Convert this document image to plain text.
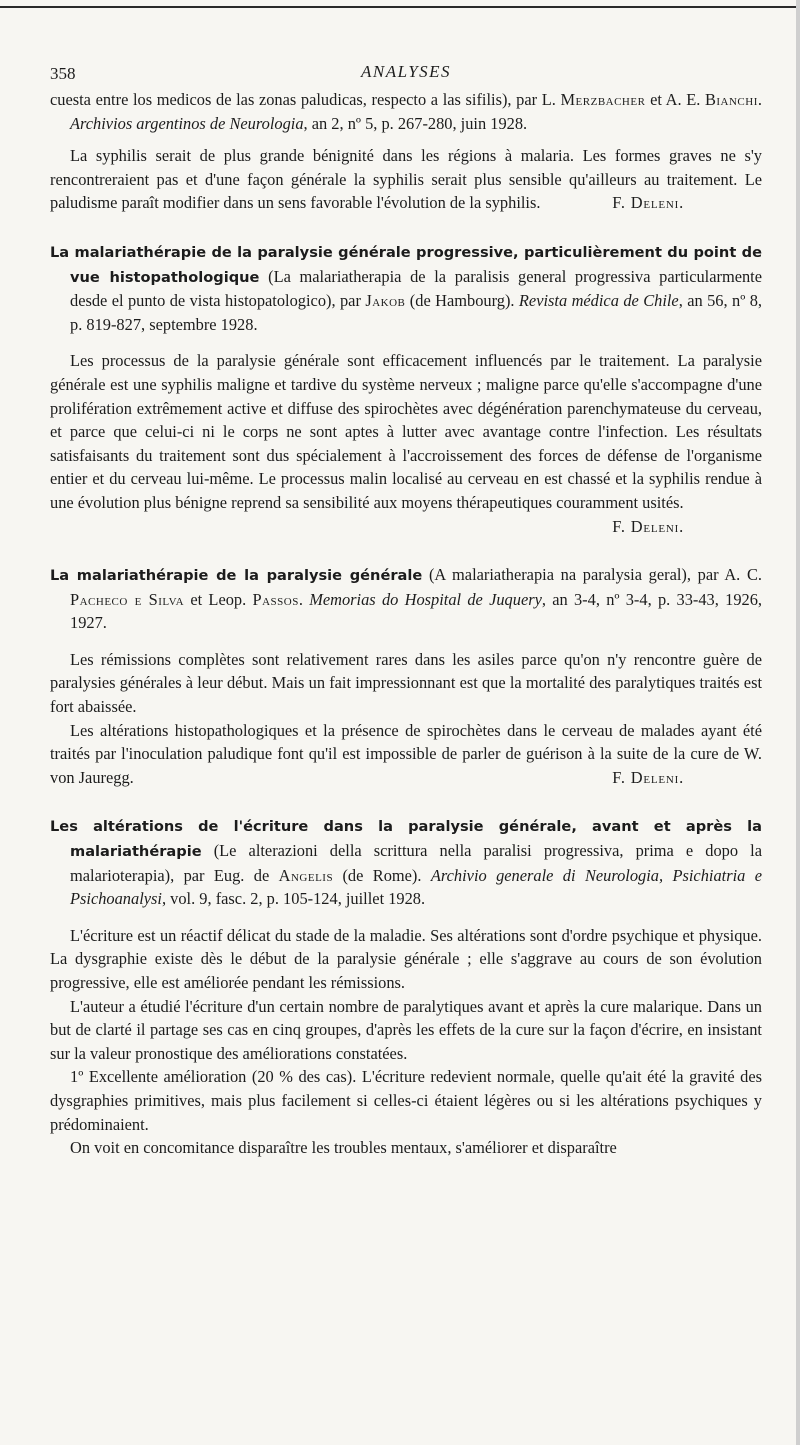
358	ANALYSES

cuesta entre los medicos de las zonas paludicas, respecto a las sifilis), par L. Merzbacher et A. E. Bianchi. Archivios argentinos de Neurologia, an 2, nº 5, p. 267-280, juin 1928.

La syphilis serait de plus grande bénignité dans les régions à malaria. Les formes graves ne s'y rencontreraient pas et d'une façon générale la syphilis serait plus sensible qu'ailleurs au traitement. Le paludisme paraît modifier dans un sens favorable l'évolution de la syphilis.	F. Deleni.

La malariathérapie de la paralysie générale progressive, particulièrement du point de vue histopathologique (La malariatherapia de la paralisis general progressiva particularmente desde el punto de vista histopatologico), par Jakob (de Hambourg). Revista médica de Chile, an 56, nº 8, p. 819-827, septembre 1928.

Les processus de la paralysie générale sont efficacement influencés par le traitement. La paralysie générale est une syphilis maligne et tardive du système nerveux ; maligne parce qu'elle s'accompagne d'une prolifération extrêmement active et diffuse des spirochètes avec dégénération parenchymateuse du cerveau, et parce que celui-ci ni le corps ne sont aptes à lutter avec avantage contre l'infection. Les résultats satisfaisants du traitement sont dus spécialement à l'accroissement des forces de défense de l'organisme entier et du cerveau lui-même. Le processus malin localisé au cerveau en est chassé et la syphilis rendue à une évolution plus bénigne reprend sa sensibilité aux moyens thérapeutiques couramment usités.
F. Deleni.

La malariathérapie de la paralysie générale (A malariatherapia na paralysia geral), par A. C. Pacheco e Silva et Leop. Passos. Memorias do Hospital de Juquery, an 3-4, nº 3-4, p. 33-43, 1926, 1927.

Les rémissions complètes sont relativement rares dans les asiles parce qu'on n'y rencontre guère de paralysies générales à leur début. Mais un fait impressionnant est que la mortalité des paralytiques traités est fort abaissée.

Les altérations histopathologiques et la présence de spirochètes dans le cerveau de malades ayant été traités par l'inoculation paludique font qu'il est impossible de parler de guérison à la suite de la cure de W. von Jauregg.	F. Deleni.

Les altérations de l'écriture dans la paralysie générale, avant et après la malariathérapie (Le alterazioni della scrittura nella paralisi progressiva, prima e dopo la malarioterapia), par Eug. de Angelis (de Rome). Archivio generale di Neurologia, Psichiatria e Psichoanalysi, vol. 9, fasc. 2, p. 105-124, juillet 1928.

L'écriture est un réactif délicat du stade de la maladie. Ses altérations sont d'ordre psychique et physique. La dysgraphie existe dès le début de la paralysie générale ; elle s'aggrave au cours de son évolution progressive, elle est améliorée pendant les rémissions.

L'auteur a étudié l'écriture d'un certain nombre de paralytiques avant et après la cure malarique. Dans un but de clarté il partage ses cas en cinq groupes, d'après les effets de la cure sur la façon d'écrire, en insistant sur la valeur pronostique des améliorations constatées.

1º Excellente amélioration (20 % des cas). L'écriture redevient normale, quelle qu'ait été la gravité des dysgraphies primitives, mais plus facilement si celles-ci étaient légères ou si les altérations psychiques y prédominaient.

On voit en concomitance disparaître les troubles mentaux, s'améliorer et disparaître
